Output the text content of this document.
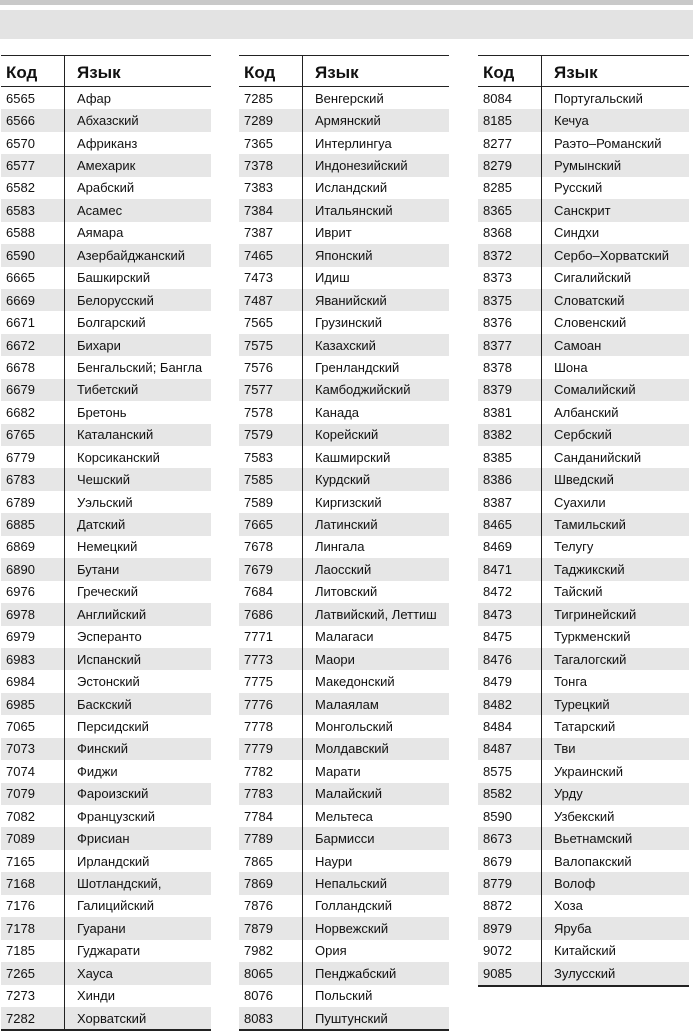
Код	Язык
6565	Афар
6566	Абхазский
6570	Африканз
6577	Амехарик
6582	Арабский
6583	Асамес
6588	Аямара
6590	Азербайджанский
6665	Башкирский
6669	Белорусский
6671	Болгарский
6672	Бихари
6678	Бенгальский; Бангла
6679	Тибетский
6682	Бретонь
6765	Каталанский
6779	Корсиканский
6783	Чешский
6789	Уэльский
6885	Датский
6869	Немецкий
6890	Бутани
6976	Греческий
6978	Английский
6979	Эсперанто
6983	Испанский
6984	Эстонский
6985	Баскский
7065	Персидский
7073	Финский
7074	Фиджи
7079	Фароизский
7082	Французский
7089	Фрисиан
7165	Ирландский
7168	Шотландский,
7176	Галицийский
7178	Гуарани
7185	Гуджарати
7265	Хауса
7273	Хинди
7282	Хорватский
Код	Язык
7285	Венгерский
7289	Армянский
7365	Интерлингуа
7378	Индонезийский
7383	Исландский
7384	Итальянский
7387	Иврит
7465	Японский
7473	Идиш
7487	Яванийский
7565	Грузинский
7575	Казахский
7576	Гренландский
7577	Камбоджийский
7578	Канада
7579	Корейский
7583	Кашмирский
7585	Курдский
7589	Киргизский
7665	Латинский
7678	Лингала
7679	Лаосский
7684	Литовский
7686	Латвийский, Леттиш
7771	Малагаси
7773	Маори
7775	Македонский
7776	Малаялам
7778	Монгольский
7779	Молдавский
7782	Марати
7783	Малайский
7784	Мельтеса
7789	Бармисси
7865	Наури
7869	Непальский
7876	Голландский
7879	Норвежский
7982	Ория
8065	Пенджабский
8076	Польский
8083	Пуштунский
Код	Язык
8084	Португальский
8185	Кечуа
8277	Раэто–Романский
8279	Румынский
8285	Русский
8365	Санскрит
8368	Синдхи
8372	Сербо–Хорватский
8373	Сигалийский
8375	Словатский
8376	Словенский
8377	Самоан
8378	Шона
8379	Сомалийский
8381	Албанский
8382	Сербский
8385	Санданийский
8386	Шведский
8387	Суахили
8465	Тамильский
8469	Телугу
8471	Таджикский
8472	Тайский
8473	Тигринейский
8475	Туркменский
8476	Тагалогский
8479	Тонга
8482	Турецкий
8484	Татарский
8487	Тви
8575	Украинский
8582	Урду
8590	Узбекский
8673	Вьетнамский
8679	Валопакский
8779	Волоф
8872	Хоза
8979	Яруба
9072	Китайский
9085	Зулусский
